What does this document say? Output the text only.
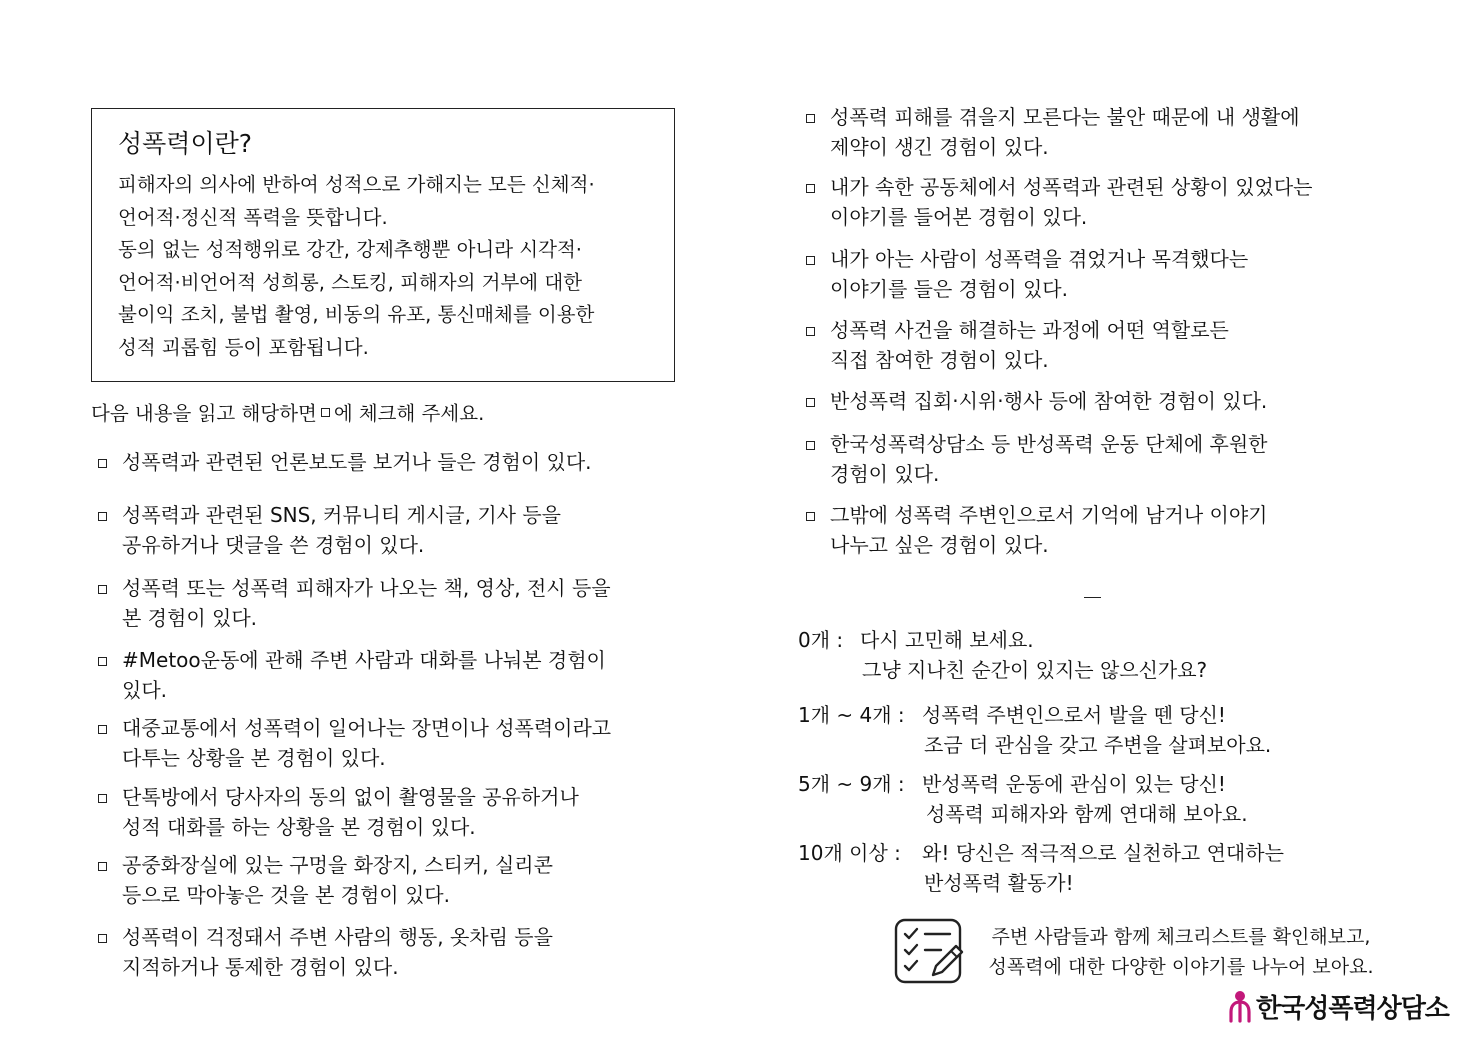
성폭력이란?
피해자의 의사에 반하여 성적으로 가해지는 모든 신체적·
언어적·정신적 폭력을 뜻합니다.
동의 없는 성적행위로 강간, 강제추행뿐 아니라 시각적·
언어적·비언어적 성희롱, 스토킹, 피해자의 거부에 대한
불이익 조치, 불법 촬영, 비동의 유포, 통신매체를 이용한
성적 괴롭힘 등이 포함됩니다.
다음 내용을 읽고 해당하면 에 체크해 주세요.
성폭력과 관련된 언론보도를 보거나 들은 경험이 있다.
성폭력과 관련된 SNS, 커뮤니티 게시글, 기사 등을
공유하거나 댓글을 쓴 경험이 있다.
성폭력 또는 성폭력 피해자가 나오는 책, 영상, 전시 등을
본 경험이 있다.
#Metoo운동에 관해 주변 사람과 대화를 나눠본 경험이
있다.
대중교통에서 성폭력이 일어나는 장면이나 성폭력이라고
다투는 상황을 본 경험이 있다.
단톡방에서 당사자의 동의 없이 촬영물을 공유하거나
성적 대화를 하는 상황을 본 경험이 있다.
공중화장실에 있는 구멍을 화장지, 스티커, 실리콘
등으로 막아놓은 것을 본 경험이 있다.
성폭력이 걱정돼서 주변 사람의 행동, 옷차림 등을
지적하거나 통제한 경험이 있다.
성폭력 피해를 겪을지 모른다는 불안 때문에 내 생활에
제약이 생긴 경험이 있다.
내가 속한 공동체에서 성폭력과 관련된 상황이 있었다는
이야기를 들어본 경험이 있다.
내가 아는 사람이 성폭력을 겪었거나 목격했다는
이야기를 들은 경험이 있다.
성폭력 사건을 해결하는 과정에 어떤 역할로든
직접 참여한 경험이 있다.
반성폭력 집회·시위·행사 등에 참여한 경험이 있다.
한국성폭력상담소 등 반성폭력 운동 단체에 후원한
경험이 있다.
그밖에 성폭력 주변인으로서 기억에 남거나 이야기
나누고 싶은 경험이 있다.
0개 : 다시 고민해 보세요.
그냥 지나친 순간이 있지는 않으신가요?
1개 ~ 4개 : 성폭력 주변인으로서 발을 뗀 당신!
조금 더 관심을 갖고 주변을 살펴보아요.
5개 ~ 9개 : 반성폭력 운동에 관심이 있는 당신!
성폭력 피해자와 함께 연대해 보아요.
10개 이상 : 와! 당신은 적극적으로 실천하고 연대하는
반성폭력 활동가!
주변 사람들과 함께 체크리스트를 확인해보고,
성폭력에 대한 다양한 이야기를 나누어 보아요.
한국성폭력상담소
